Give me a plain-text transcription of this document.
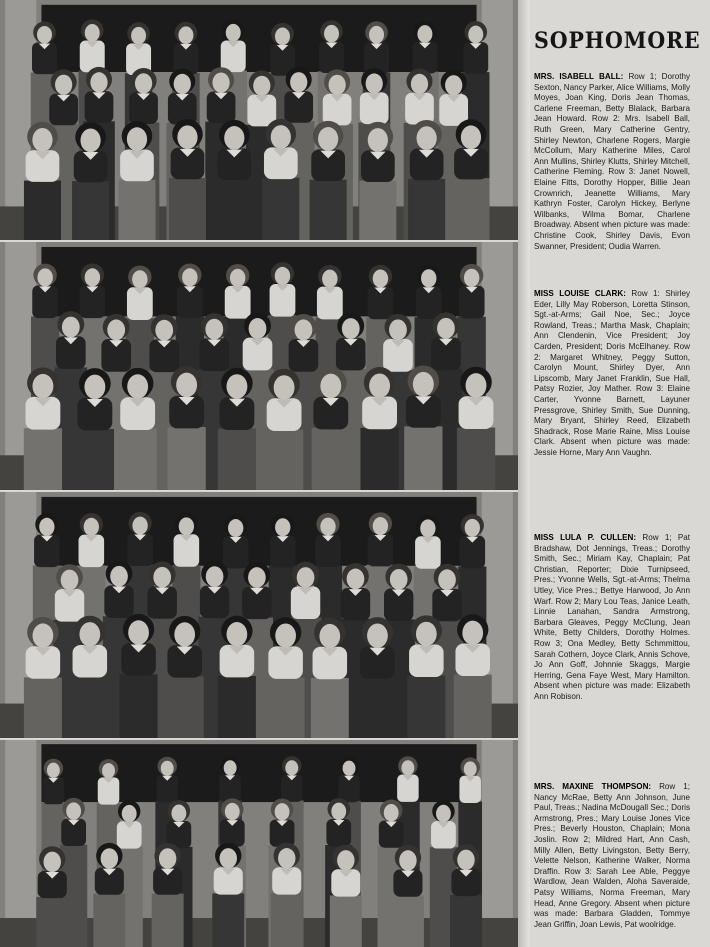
SOPHOMORE
MRS. ISABELL BALL: Row 1; Dorothy Sexton, Nancy Parker, Alice Williams, Molly Moyes, Joan King, Doris Jean Thomas, Carlene Freeman, Betty Blalack, Barbara Jean Howard. Row 2: Mrs. Isabell Ball, Ruth Green, Mary Catherine Gentry, Shirley Newton, Charlene Rogers, Margie McCollum, Mary Katherine Miles, Carol Ann Mullins, Shirley Klutts, Shirley Mitchell, Catherine Fleming. Row 3: Janet Nowell, Elaine Fitts, Dorothy Hopper, Billie Jean Crownrich, Jeanette Williams, Mary Kathryn Foster, Carolyn Hickey, Berlyne Wilbanks, Wilma Bomar, Charlene Broadway. Absent when picture was made: Christine Cook, Shirley Davis, Evon Swanner, President; Oudia Warren.
MISS LOUISE CLARK: Row 1: Shirley Eder, Lilly May Roberson, Loretta Stinson, Sgt.-at-Arms; Gail Noe, Sec.; Joyce Rowland, Treas.; Martha Mask, Chaplain; Ann Clendenin, Vice President; Joy Carden, President; Doris McElhaney. Row 2: Margaret Whitney, Peggy Sutton, Carolyn Mount, Shirley Dyer, Ann Lipscomb, Mary Janet Franklin, Sue Hall, Patsy Rozier, Joy Mather. Row 3: Elaine Carter, Yvonne Barnett, Layuner Pressgrove, Shirley Smith, Sue Dunning, Mary Bryant, Shirley Reed, Elizabeth Shadrack, Rose Marie Raine, Miss Louise Clark. Absent when picture was made: Jessie Horne, Mary Ann Vaughn.
MISS LULA P. CULLEN: Row 1; Pat Bradshaw, Dot Jennings, Treas.; Dorothy Smith, Sec.; Miriam Kay, Chaplain; Pat Christian, Reporter; Dixie Turnipseed, Pres.; Yvonne Wells, Sgt.-at-Arms; Thelma Utley, Vice Pres.; Bettye Harwood, Jo Ann Warf. Row 2; Mary Lou Teas, Janice Leath, Linnie Lanahan, Sandra Armstrong, Barbara Gleaves, Peggy McClung, Jean White, Betty Childers, Dorothy Holmes. Row 3; Ona Medley, Betty Schmmittou, Sarah Cothern, Joyce Clark, Annis Schove, Jo Ann Goff, Johnnie Skaggs, Margie Herring, Gena Faye West, Mary Hamilton. Absent when picture was made: Elizabeth Ann Robison.
MRS. MAXINE THOMPSON: Row 1; Nancy McRae, Betty Ann Johnson, June Paul, Treas.; Nadina McDougall Sec.; Doris Armstrong, Pres.; Mary Louise Jones Vice Pres.; Beverly Houston, Chaplain; Mona Joslin. Row 2; Mildred Hart, Ann Cash, Milly Allen, Betty Livingston, Betty Berry, Velette Nelson, Katherine Walker, Norma Draffin. Row 3: Sarah Lee Able, Peggye Wardlow, Jean Walden, Aloha Saveraide, Patsy Williams, Norma Freeman, Mary Head, Anne Gregory. Absent when picture was made: Barbara Gladden, Tommye Jean Griffin, Joan Lewis, Pat woolridge.
